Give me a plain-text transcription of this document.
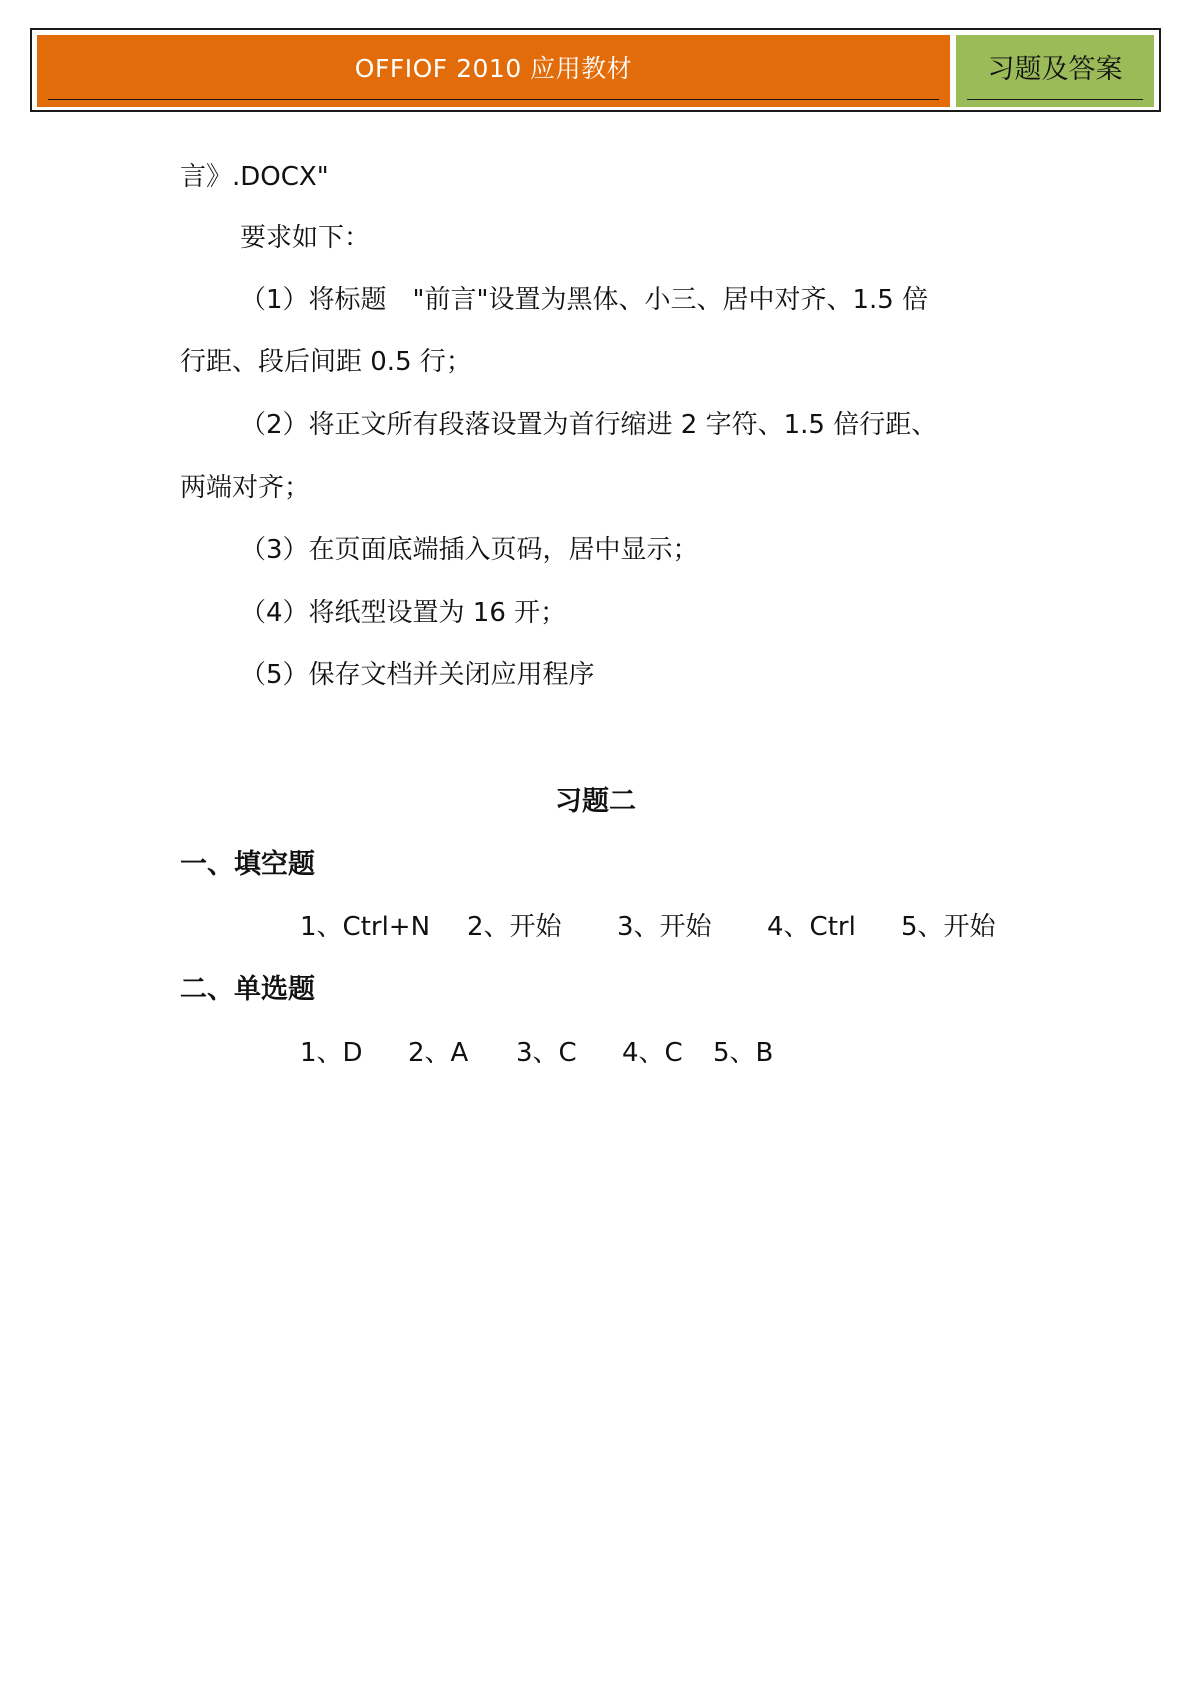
OFFIOF 2010 应用教材	习题及答案
言》.DOCX"
要求如下：
（1）将标题　"前言"设置为黑体、小三、居中对齐、1.5 倍
行距、段后间距 0.5 行；
（2）将正文所有段落设置为首行缩进 2 字符、1.5 倍行距、
两端对齐；
（3）在页面底端插入页码，居中显示；
（4）将纸型设置为 16 开；
（5）保存文档并关闭应用程序
习题二
一、填空题
1、Ctrl+N 2、开始 3、开始 4、Ctrl 5、开始
二、单选题
1、D 2、A 3、C 4、C 5、B
